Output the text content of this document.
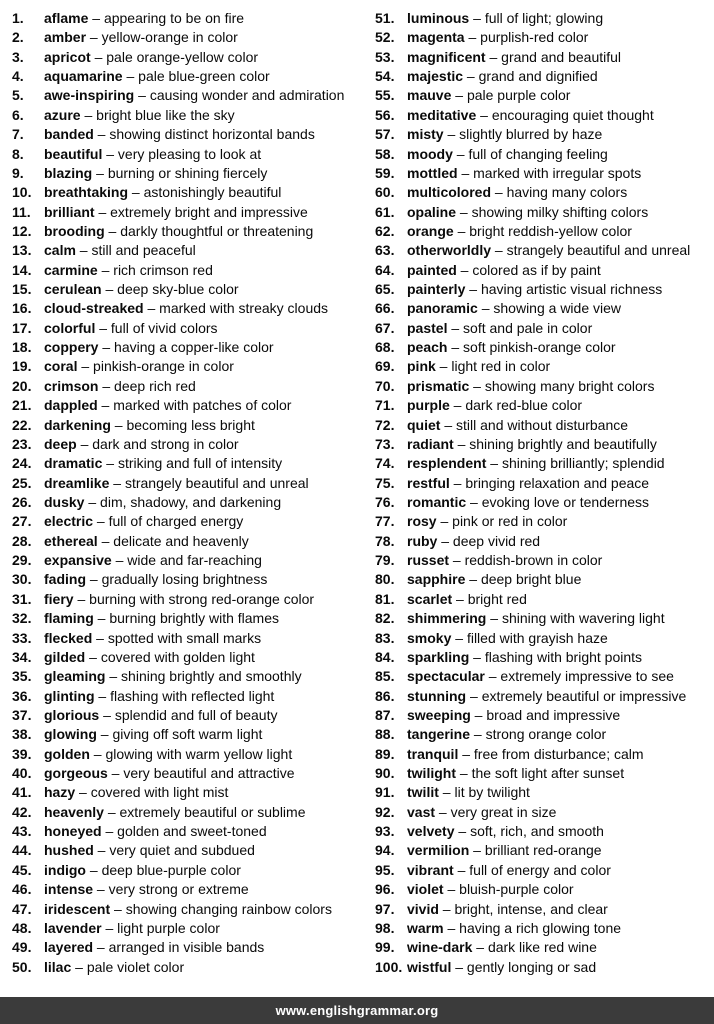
1.	aflame – appearing to be on fire
2.	amber – yellow-orange in color
3.	apricot – pale orange-yellow color
4.	aquamarine – pale blue-green color
5.	awe-inspiring – causing wonder and admiration
6.	azure – bright blue like the sky
7.	banded – showing distinct horizontal bands
8.	beautiful – very pleasing to look at
9.	blazing – burning or shining fiercely
10. breathtaking – astonishingly beautiful
11. brilliant – extremely bright and impressive
12. brooding – darkly thoughtful or threatening
13. calm – still and peaceful
14. carmine – rich crimson red
15. cerulean – deep sky-blue color
16. cloud-streaked – marked with streaky clouds
17. colorful – full of vivid colors
18. coppery – having a copper-like color
19. coral – pinkish-orange in color
20. crimson – deep rich red
21. dappled – marked with patches of color
22. darkening – becoming less bright
23. deep – dark and strong in color
24. dramatic – striking and full of intensity
25. dreamlike – strangely beautiful and unreal
26. dusky – dim, shadowy, and darkening
27. electric – full of charged energy
28. ethereal – delicate and heavenly
29. expansive – wide and far-reaching
30. fading – gradually losing brightness
31. fiery – burning with strong red-orange color
32. flaming – burning brightly with flames
33. flecked – spotted with small marks
34. gilded – covered with golden light
35. gleaming – shining brightly and smoothly
36. glinting – flashing with reflected light
37. glorious – splendid and full of beauty
38. glowing – giving off soft warm light
39. golden – glowing with warm yellow light
40. gorgeous – very beautiful and attractive
41. hazy – covered with light mist
42. heavenly – extremely beautiful or sublime
43. honeyed – golden and sweet-toned
44. hushed – very quiet and subdued
45. indigo – deep blue-purple color
46. intense – very strong or extreme
47. iridescent – showing changing rainbow colors
48. lavender – light purple color
49. layered – arranged in visible bands
50. lilac – pale violet color
51. luminous – full of light; glowing
52. magenta – purplish-red color
53. magnificent – grand and beautiful
54. majestic – grand and dignified
55. mauve – pale purple color
56. meditative – encouraging quiet thought
57. misty – slightly blurred by haze
58. moody – full of changing feeling
59. mottled – marked with irregular spots
60. multicolored – having many colors
61. opaline – showing milky shifting colors
62. orange – bright reddish-yellow color
63. otherworldly – strangely beautiful and unreal
64. painted – colored as if by paint
65. painterly – having artistic visual richness
66. panoramic – showing a wide view
67. pastel – soft and pale in color
68. peach – soft pinkish-orange color
69. pink – light red in color
70. prismatic – showing many bright colors
71. purple – dark red-blue color
72. quiet – still and without disturbance
73. radiant – shining brightly and beautifully
74. resplendent – shining brilliantly; splendid
75. restful – bringing relaxation and peace
76. romantic – evoking love or tenderness
77. rosy – pink or red in color
78. ruby – deep vivid red
79. russet – reddish-brown in color
80. sapphire – deep bright blue
81. scarlet – bright red
82. shimmering – shining with wavering light
83. smoky – filled with grayish haze
84. sparkling – flashing with bright points
85. spectacular – extremely impressive to see
86. stunning – extremely beautiful or impressive
87. sweeping – broad and impressive
88. tangerine – strong orange color
89. tranquil – free from disturbance; calm
90. twilight – the soft light after sunset
91. twilit – lit by twilight
92. vast – very great in size
93. velvety – soft, rich, and smooth
94. vermilion – brilliant red-orange
95. vibrant – full of energy and color
96. violet – bluish-purple color
97. vivid – bright, intense, and clear
98. warm – having a rich glowing tone
99. wine-dark – dark like red wine
100. wistful – gently longing or sad
www.englishgrammar.org
